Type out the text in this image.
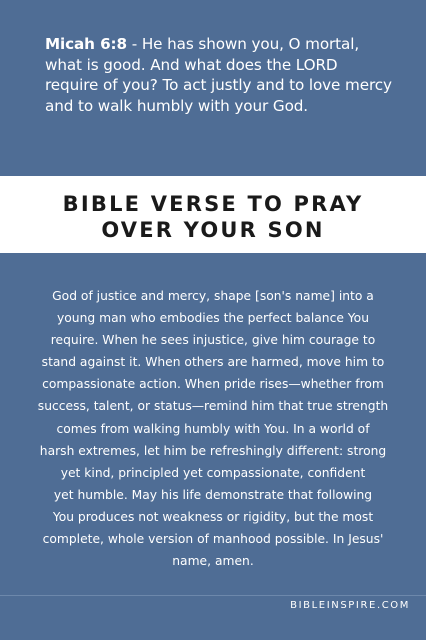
Micah 6:8 - He has shown you, O mortal, what is good. And what does the LORD require of you? To act justly and to love mercy and to walk humbly with your God.

BIBLE VERSE TO PRAY
OVER YOUR SON

God of justice and mercy, shape [son's name] into a
young man who embodies the perfect balance You
require. When he sees injustice, give him courage to
stand against it. When others are harmed, move him to
compassionate action. When pride rises—whether from
success, talent, or status—remind him that true strength
comes from walking humbly with You. In a world of
harsh extremes, let him be refreshingly different: strong
yet kind, principled yet compassionate, confident
yet humble. May his life demonstrate that following
You produces not weakness or rigidity, but the most
complete, whole version of manhood possible. In Jesus'
name, amen.

BIBLEINSPIRE.COM
